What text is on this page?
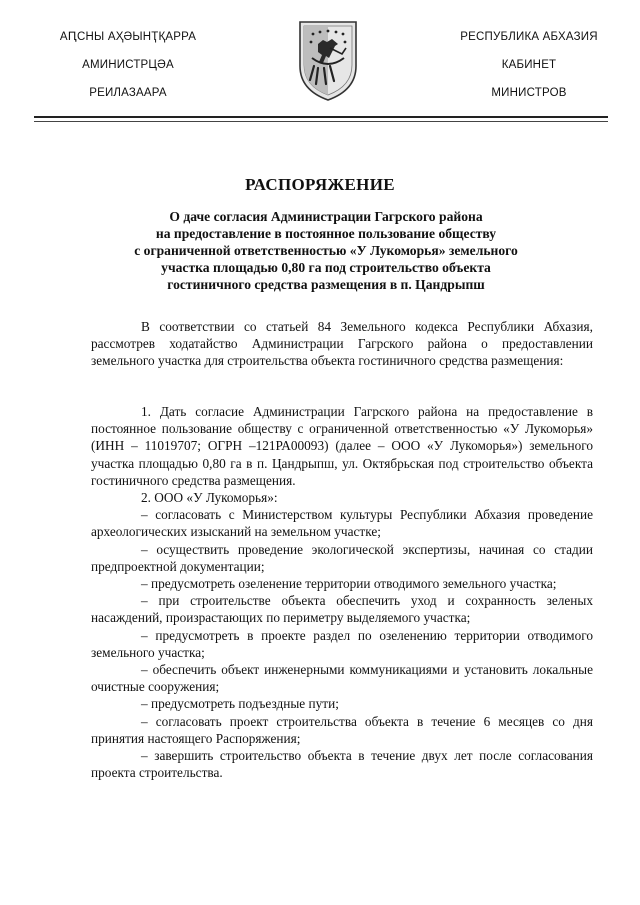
АԤСНЫ АҲӘЫНҬҚАРРА
АМИНИСТРЦӘА
РЕИЛАЗААРА
РЕСПУБЛИКА АБХАЗИЯ
КАБИНЕТ
МИНИСТРОВ
РАСПОРЯЖЕНИЕ
О даче согласия Администрации Гагрского района
на предоставление в постоянное пользование обществу
с ограниченной ответственностью «У Лукоморья» земельного
участка площадью 0,80 га под строительство объекта
гостиничного средства размещения в п. Цандрыпш

В соответствии со статьей 84 Земельного кодекса Республики Абхазия, рассмотрев ходатайство Администрации Гагрского района о предоставлении земельного участка для строительства объекта гостиничного средства размещения:

1. Дать согласие Администрации Гагрского района на предоставление в постоянное пользование обществу с ограниченной ответственностью «У Лукоморья» (ИНН – 11019707; ОГРН –121РА00093) (далее – ООО «У Лукоморья») земельного участка площадью 0,80 га в п. Цандрыпш, ул. Октябрьская под строительство объекта гостиничного средства размещения.

2. ООО «У Лукоморья»:

– согласовать с Министерством культуры Республики Абхазия проведение археологических изысканий на земельном участке;

– осуществить проведение экологической экспертизы, начиная со стадии предпроектной документации;

– предусмотреть озеленение территории отводимого земельного участка;

– при строительстве объекта обеспечить уход и сохранность зеленых насаждений, произрастающих по периметру выделяемого участка;

– предусмотреть в проекте раздел по озеленению территории отводимого земельного участка;

– обеспечить объект инженерными коммуникациями и установить локальные очистные сооружения;

– предусмотреть подъездные пути;

– согласовать проект строительства объекта в течение 6 месяцев со дня принятия настоящего Распоряжения;

– завершить строительство объекта в течение двух лет после согласования проекта строительства.
